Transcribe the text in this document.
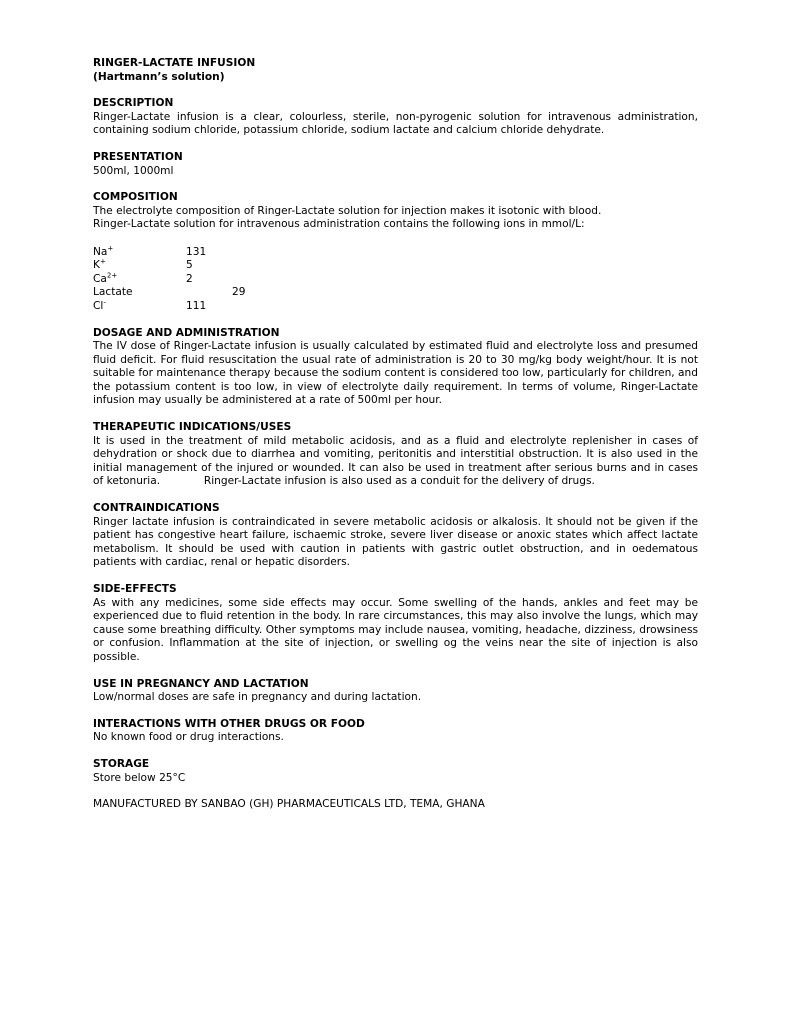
RINGER-LACTATE INFUSION
(Hartmann’s solution)
DESCRIPTION
Ringer-Lactate infusion is a clear, colourless, sterile, non-pyrogenic solution for intravenous administration, containing sodium chloride, potassium chloride, sodium lactate and calcium chloride dehydrate.
PRESENTATION
500ml, 1000ml
COMPOSITION
The electrolyte composition of Ringer-Lactate solution for injection makes it isotonic with blood.
Ringer-Lactate solution for intravenous administration contains the following ions in mmol/L:
Na+	131
K+	5
$Ca^{2+}$	2
Lactate	29
Cl-	111
DOSAGE AND ADMINISTRATION
The IV dose of Ringer-Lactate infusion is usually calculated by estimated fluid and electrolyte loss and presumed fluid deficit. For fluid resuscitation the usual rate of administration is 20 to 30 mg/kg body weight/hour. It is not suitable for maintenance therapy because the sodium content is considered too low, particularly for children, and the potassium content is too low, in view of electrolyte daily requirement. In terms of volume, Ringer-Lactate infusion may usually be administered at a rate of 500ml per hour.
THERAPEUTIC INDICATIONS/USES
It is used in the treatment of mild metabolic acidosis, and as a fluid and electrolyte replenisher in cases of dehydration or shock due to diarrhea and vomiting, peritonitis and interstitial obstruction. It is also used in the initial management of the injured or wounded. It can also be used in treatment after serious burns and in cases of ketonuria.             Ringer-Lactate infusion is also used as a conduit for the delivery of drugs.
CONTRAINDICATIONS
Ringer lactate infusion is contraindicated in severe metabolic acidosis or alkalosis. It should not be given if the patient has congestive heart failure, ischaemic stroke, severe liver disease or anoxic states which affect lactate metabolism. It should be used with caution in patients with gastric outlet obstruction, and in oedematous patients with cardiac, renal or hepatic disorders.
SIDE-EFFECTS
As with any medicines, some side effects may occur. Some swelling of the hands, ankles and feet may be experienced due to fluid retention in the body. In rare circumstances, this may also involve the lungs, which may cause some breathing difficulty. Other symptoms may include nausea, vomiting, headache, dizziness, drowsiness or confusion. Inflammation at the site of injection, or swelling og the veins near the site of injection is also possible.
USE IN PREGNANCY AND LACTATION
Low/normal doses are safe in pregnancy and during lactation.
INTERACTIONS WITH OTHER DRUGS OR FOOD
No known food or drug interactions.
STORAGE
Store below 25°C
MANUFACTURED BY SANBAO (GH) PHARMACEUTICALS LTD, TEMA, GHANA
